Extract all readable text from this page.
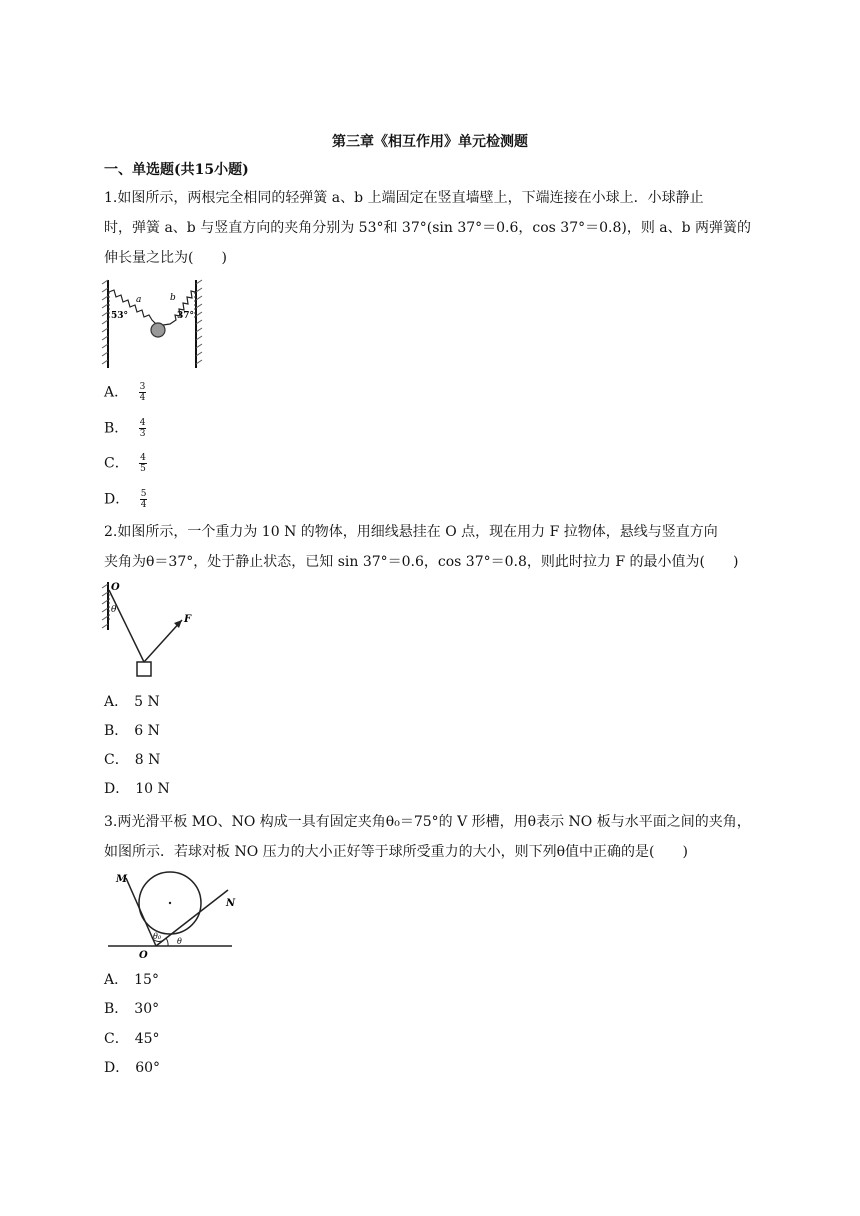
第三章《相互作用》单元检测题
一、单选题(共15小题)
1.如图所示，两根完全相同的轻弹簧 a、b 上端固定在竖直墙壁上，下端连接在小球上．小球静止
时，弹簧 a、b 与竖直方向的夹角分别为 53°和 37°(sin 37°＝0.6，cos 37°＝0.8)，则 a、b 两弹簧的
伸长量之比为(　　)
a	b
53°	37°
A． $\frac{3}{4}$
B． $\frac{4}{3}$
C． $\frac{4}{5}$
D． $\frac{5}{4}$
2.如图所示，一个重力为 10 N 的物体，用细线悬挂在 O 点，现在用力 F 拉物体，悬线与竖直方向
夹角为θ＝37°，处于静止状态，已知 sin 37°＝0.6，cos 37°＝0.8，则此时拉力 F 的最小值为(　　)
O
θ
F
A． 5 N
B． 6 N
C． 8 N
D． 10 N
3.两光滑平板 MO、NO 构成一具有固定夹角θ₀＝75°的 V 形槽，用θ表示 NO 板与水平面之间的夹角，
如图所示．若球对板 NO 压力的大小正好等于球所受重力的大小，则下列θ值中正确的是(　　)
M
N
O
θ₀
θ
A． 15°
B． 30°
C． 45°
D． 60°
